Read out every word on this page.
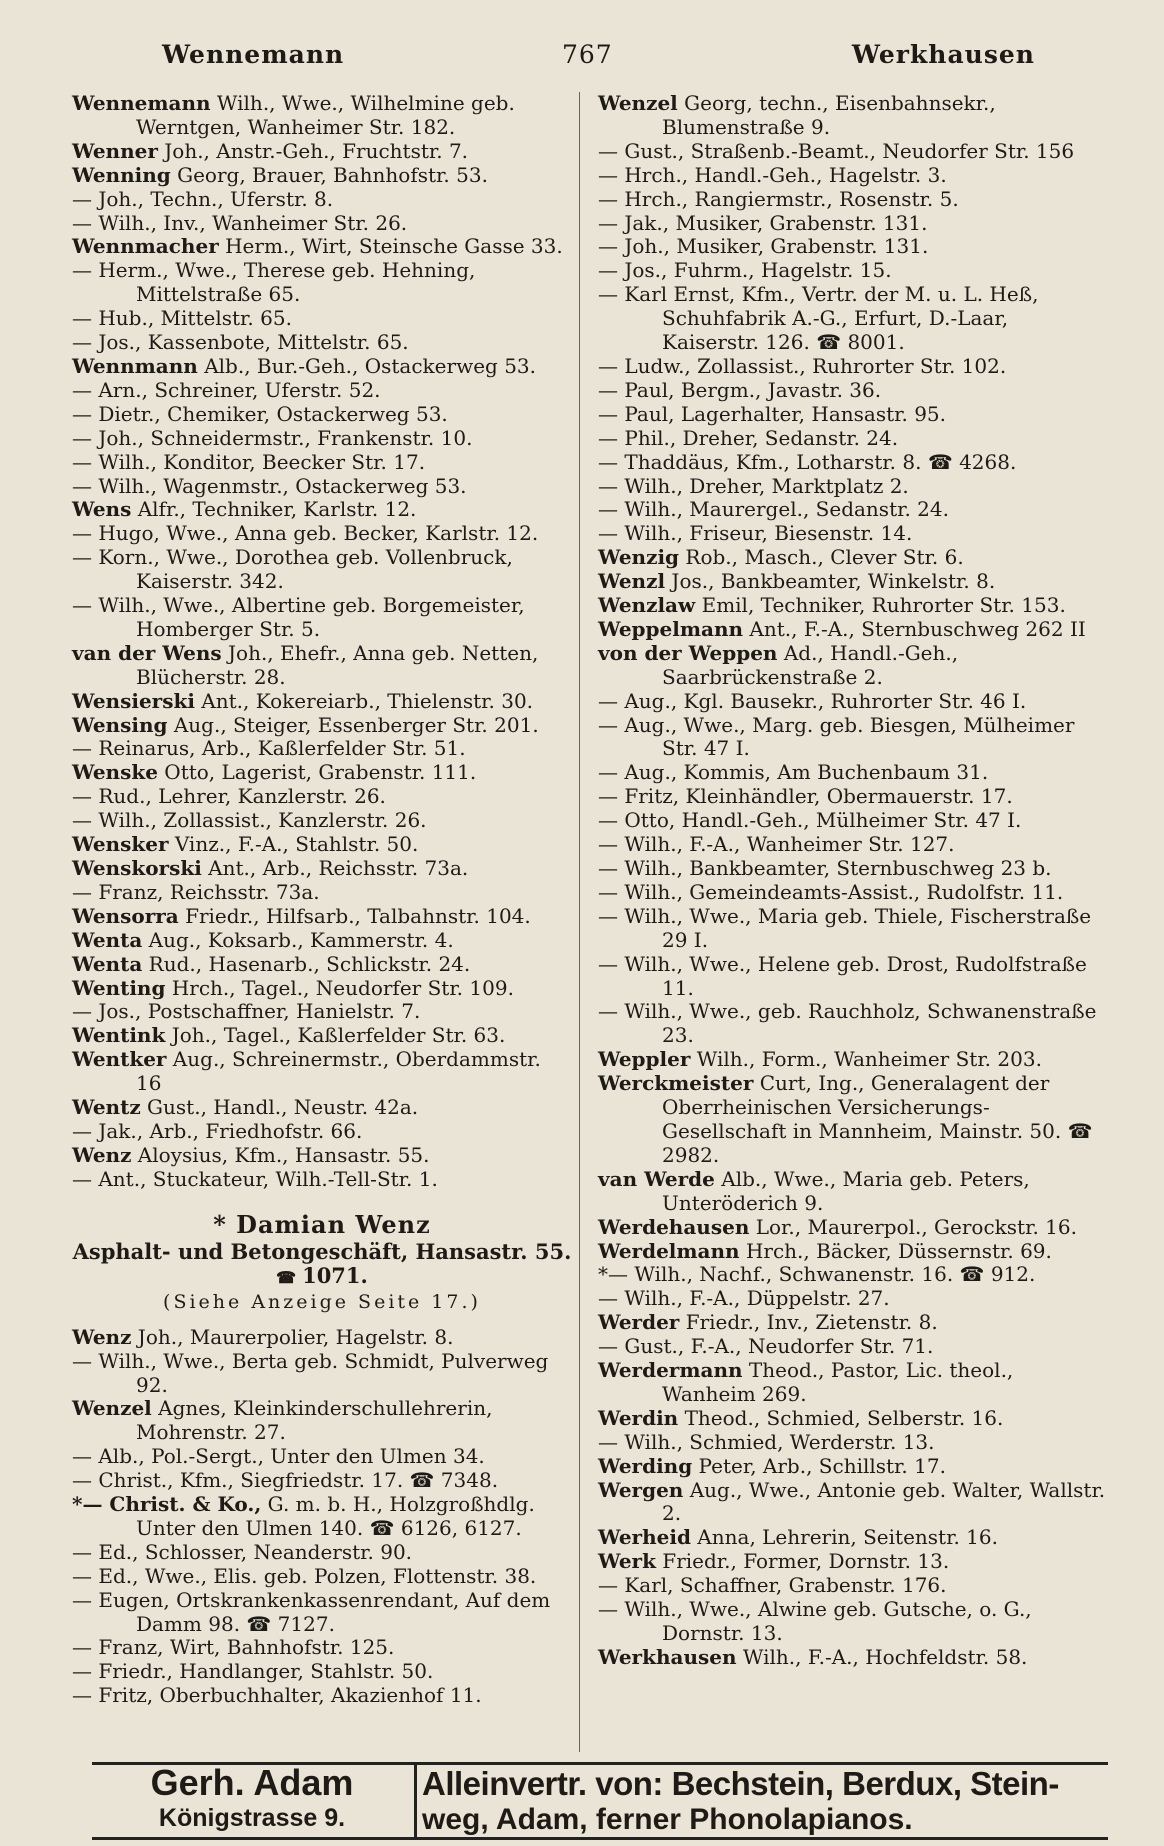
Wennemann	767	Werkhausen

Wennemann Wilh., Wwe., Wilhelmine geb. Werntgen, Wanheimer Str. 182.

Wenner Joh., Anstr.-Geh., Fruchtstr. 7.

Wenning Georg, Brauer, Bahnhofstr. 53.

— Joh., Techn., Uferstr. 8.

— Wilh., Inv., Wanheimer Str. 26.

Wennmacher Herm., Wirt, Steinsche Gasse 33.

— Herm., Wwe., Therese geb. Hehning, Mittelstraße 65.

— Hub., Mittelstr. 65.

— Jos., Kassenbote, Mittelstr. 65.

Wennmann Alb., Bur.-Geh., Ostackerweg 53.

— Arn., Schreiner, Uferstr. 52.

— Dietr., Chemiker, Ostackerweg 53.

— Joh., Schneidermstr., Frankenstr. 10.

— Wilh., Konditor, Beecker Str. 17.

— Wilh., Wagenmstr., Ostackerweg 53.

Wens Alfr., Techniker, Karlstr. 12.

— Hugo, Wwe., Anna geb. Becker, Karlstr. 12.

— Korn., Wwe., Dorothea geb. Vollenbruck, Kaiserstr. 342.

— Wilh., Wwe., Albertine geb. Borgemeister, Homberger Str. 5.

van der Wens Joh., Ehefr., Anna geb. Netten, Blücherstr. 28.

Wensierski Ant., Kokereiarb., Thielenstr. 30.

Wensing Aug., Steiger, Essenberger Str. 201.

— Reinarus, Arb., Kaßlerfelder Str. 51.

Wenske Otto, Lagerist, Grabenstr. 111.

— Rud., Lehrer, Kanzlerstr. 26.

— Wilh., Zollassist., Kanzlerstr. 26.

Wensker Vinz., F.-A., Stahlstr. 50.

Wenskorski Ant., Arb., Reichsstr. 73a.

— Franz, Reichsstr. 73a.

Wensorra Friedr., Hilfsarb., Talbahnstr. 104.

Wenta Aug., Koksarb., Kammerstr. 4.

Wenta Rud., Hasenarb., Schlickstr. 24.

Wenting Hrch., Tagel., Neudorfer Str. 109.

— Jos., Postschaffner, Hanielstr. 7.

Wentink Joh., Tagel., Kaßlerfelder Str. 63.

Wentker Aug., Schreinermstr., Oberdammstr. 16

Wentz Gust., Handl., Neustr. 42a.

— Jak., Arb., Friedhofstr. 66.

Wenz Aloysius, Kfm., Hansastr. 55.

— Ant., Stuckateur, Wilh.-Tell-Str. 1.

* Damian Wenz
Asphalt- und Betongeschäft, Hansastr. 55.
☎ 1071.
(Siehe Anzeige Seite 17.)

Wenz Joh., Maurerpolier, Hagelstr. 8.

— Wilh., Wwe., Berta geb. Schmidt, Pulverweg 92.

Wenzel Agnes, Kleinkinderschullehrerin, Mohrenstr. 27.

— Alb., Pol.-Sergt., Unter den Ulmen 34.

— Christ., Kfm., Siegfriedstr. 17. ☎ 7348.

*— Christ. & Ko., G. m. b. H., Holzgroßhdlg. Unter den Ulmen 140. ☎ 6126, 6127.

— Ed., Schlosser, Neanderstr. 90.

— Ed., Wwe., Elis. geb. Polzen, Flottenstr. 38.

— Eugen, Ortskrankenkassenrendant, Auf dem Damm 98. ☎ 7127.

— Franz, Wirt, Bahnhofstr. 125.

— Friedr., Handlanger, Stahlstr. 50.

— Fritz, Oberbuchhalter, Akazienhof 11.

Wenzel Georg, techn., Eisenbahnsekr., Blumenstraße 9.

— Gust., Straßenb.-Beamt., Neudorfer Str. 156

— Hrch., Handl.-Geh., Hagelstr. 3.

— Hrch., Rangiermstr., Rosenstr. 5.

— Jak., Musiker, Grabenstr. 131.

— Joh., Musiker, Grabenstr. 131.

— Jos., Fuhrm., Hagelstr. 15.

— Karl Ernst, Kfm., Vertr. der M. u. L. Heß, Schuhfabrik A.-G., Erfurt, D.-Laar, Kaiserstr. 126. ☎ 8001.

— Ludw., Zollassist., Ruhrorter Str. 102.

— Paul, Bergm., Javastr. 36.

— Paul, Lagerhalter, Hansastr. 95.

— Phil., Dreher, Sedanstr. 24.

— Thaddäus, Kfm., Lotharstr. 8. ☎ 4268.

— Wilh., Dreher, Marktplatz 2.

— Wilh., Maurergel., Sedanstr. 24.

— Wilh., Friseur, Biesenstr. 14.

Wenzig Rob., Masch., Clever Str. 6.

Wenzl Jos., Bankbeamter, Winkelstr. 8.

Wenzlaw Emil, Techniker, Ruhrorter Str. 153.

Weppelmann Ant., F.-A., Sternbuschweg 262 II

von der Weppen Ad., Handl.-Geh., Saarbrückenstraße 2.

— Aug., Kgl. Bausekr., Ruhrorter Str. 46 I.

— Aug., Wwe., Marg. geb. Biesgen, Mülheimer Str. 47 I.

— Aug., Kommis, Am Buchenbaum 31.

— Fritz, Kleinhändler, Obermauerstr. 17.

— Otto, Handl.-Geh., Mülheimer Str. 47 I.

— Wilh., F.-A., Wanheimer Str. 127.

— Wilh., Bankbeamter, Sternbuschweg 23 b.

— Wilh., Gemeindeamts-Assist., Rudolfstr. 11.

— Wilh., Wwe., Maria geb. Thiele, Fischerstraße 29 I.

— Wilh., Wwe., Helene geb. Drost, Rudolfstraße 11.

— Wilh., Wwe., geb. Rauchholz, Schwanenstraße 23.

Weppler Wilh., Form., Wanheimer Str. 203.

Werckmeister Curt, Ing., Generalagent der Oberrheinischen Versicherungs-Gesellschaft in Mannheim, Mainstr. 50. ☎ 2982.

van Werde Alb., Wwe., Maria geb. Peters, Unteröderich 9.

Werdehausen Lor., Maurerpol., Gerockstr. 16.

Werdelmann Hrch., Bäcker, Düssernstr. 69.

*— Wilh., Nachf., Schwanenstr. 16. ☎ 912.

— Wilh., F.-A., Düppelstr. 27.

Werder Friedr., Inv., Zietenstr. 8.

— Gust., F.-A., Neudorfer Str. 71.

Werdermann Theod., Pastor, Lic. theol., Wanheim 269.

Werdin Theod., Schmied, Selberstr. 16.

— Wilh., Schmied, Werderstr. 13.

Werding Peter, Arb., Schillstr. 17.

Wergen Aug., Wwe., Antonie geb. Walter, Wallstr. 2.

Werheid Anna, Lehrerin, Seitenstr. 16.

Werk Friedr., Former, Dornstr. 13.

— Karl, Schaffner, Grabenstr. 176.

— Wilh., Wwe., Alwine geb. Gutsche, o. G., Dornstr. 13.

Werkhausen Wilh., F.-A., Hochfeldstr. 58.

Gerh. Adam
Königstrasse 9.
Alleinvertr. von: Bechstein, Berdux, Stein-
weg, Adam, ferner Phonolapianos.
